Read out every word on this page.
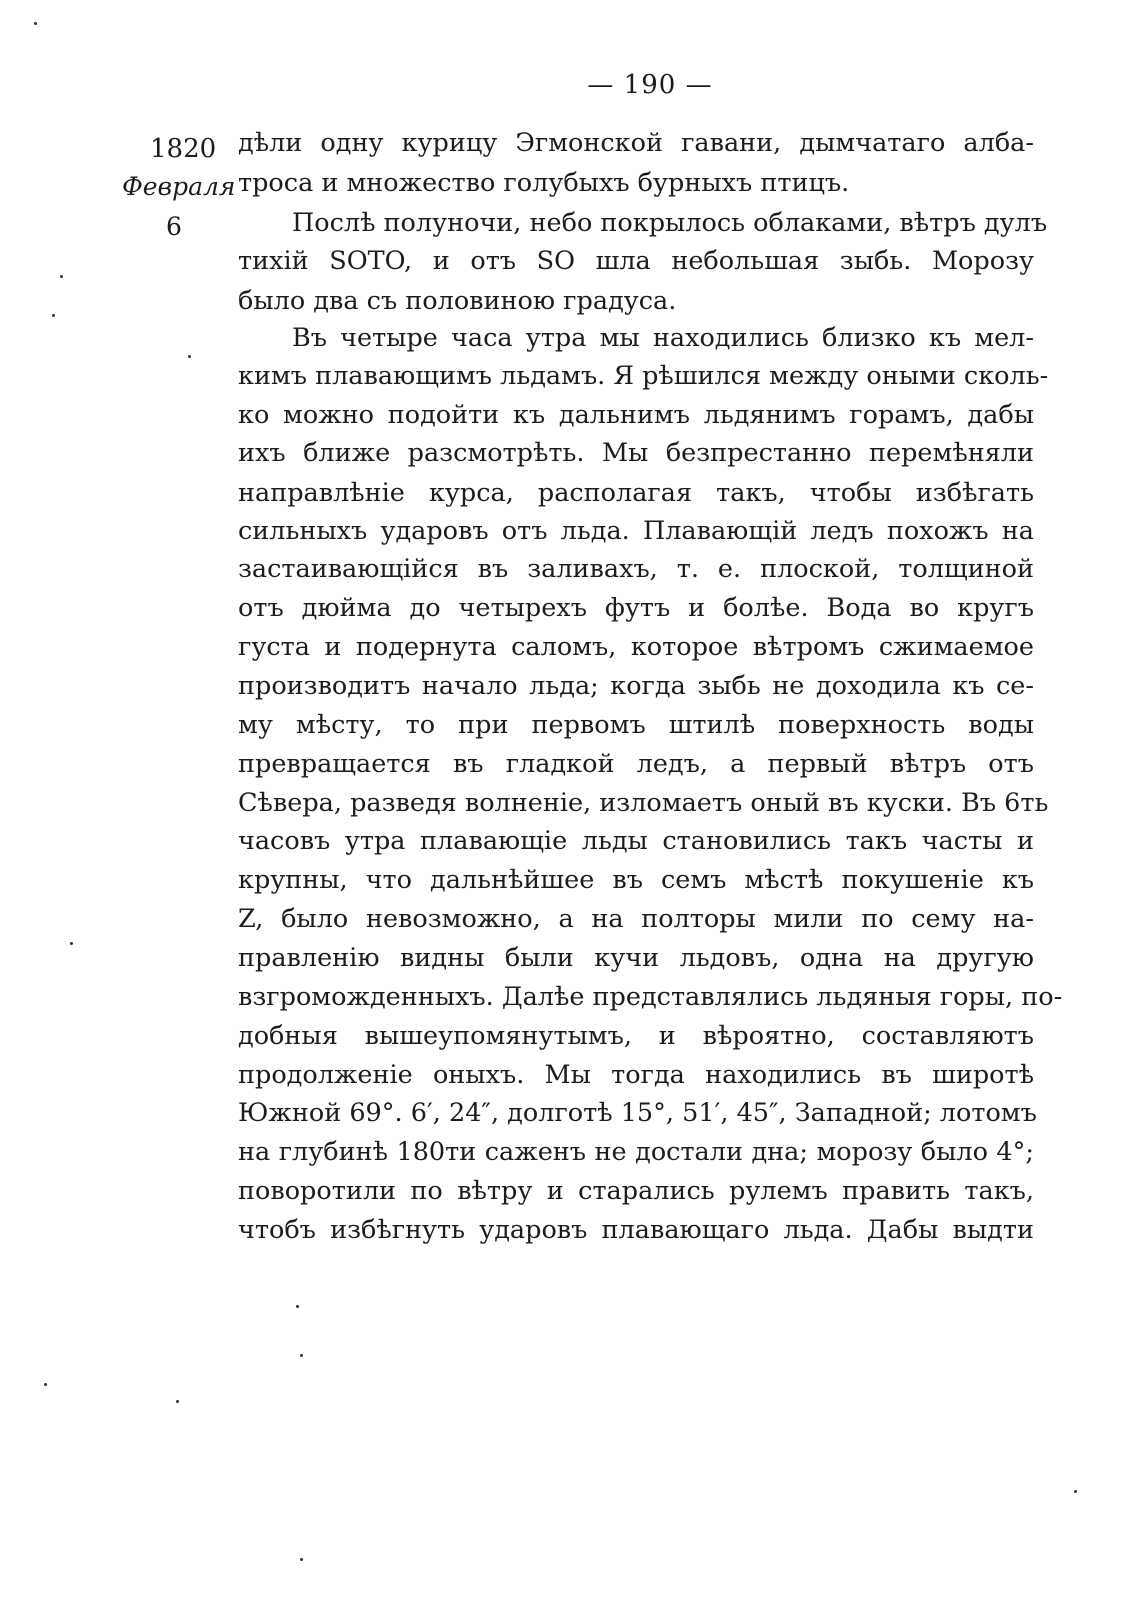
— 190 —
1820
Февраля
6
дѣли одну курицу Эгмонской гавани, дымчатаго алба-
троса и множество голубыхъ бурныхъ птицъ.
Послѣ полуночи, небо покрылось облаками, вѣтръ дулъ
тихій SOTO, и отъ SO шла небольшая зыбь. Морозу
было два съ половиною градуса.
Въ четыре часа утра мы находились близко къ мел-
кимъ плавающимъ льдамъ. Я рѣшился между оными сколь-
ко можно подойти къ дальнимъ льдянимъ горамъ, дабы
ихъ ближе разсмотрѣть. Мы безпрестанно перемѣняли
направлѣніе курса, располагая такъ, чтобы избѣгать
сильныхъ ударовъ отъ льда. Плавающій ледъ похожъ на
застаивающійся въ заливахъ, т. е. плоской, толщиной
отъ дюйма до четырехъ футъ и болѣе. Вода во кругъ
густа и подернута саломъ, которое вѣтромъ сжимаемое
производитъ начало льда; когда зыбь не доходила къ се-
му мѣсту, то при первомъ штилѣ поверхность воды
превращается въ гладкой ледъ, а первый вѣтръ отъ
Сѣвера, разведя волненіе, изломаетъ оный въ куски. Въ 6ть
часовъ утра плавающіе льды становились такъ часты и
крупны, что дальнѣйшее въ семъ мѣстѣ покушеніе къ
Z, было невозможно, а на полторы мили по сему на-
правленію видны были кучи льдовъ, одна на другую
взгроможденныхъ. Далѣе представлялись льдяныя горы, по-
добныя вышеупомянутымъ, и вѣроятно, составляютъ
продолженіе оныхъ. Мы тогда находились въ широтѣ
Южной 69°. 6′, 24″, долготѣ 15°, 51′, 45″, Западной; лотомъ
на глубинѣ 180ти саженъ не достали дна; морозу было 4°;
поворотили по вѣтру и старались рулемъ править такъ,
чтобъ избѣгнуть ударовъ плавающаго льда. Дабы выдти
